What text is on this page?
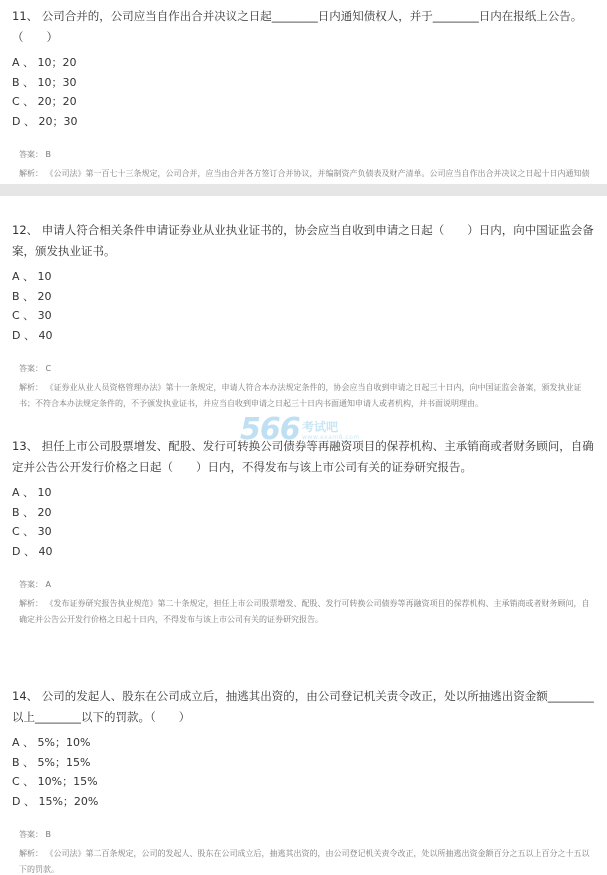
11、 公司合并的，公司应当自作出合并决议之日起________日内通知债权人，并于________日内在报纸上公告。（　　）
A 、 10；20
B 、 10；30
C 、 20；20
D 、 20；30
答案： B
解析： 《公司法》第一百七十三条规定，公司合并，应当由合并各方签订合并协议，并编制资产负债表及财产清单。公司应当自作出合并决议之日起十日内通知债
12、 申请人符合相关条件申请证券业从业执业证书的，协会应当自收到申请之日起（　　）日内，向中国证监会备案，颁发执业证书。
A 、 10
B 、 20
C 、 30
D 、 40
答案： C
解析： 《证券业从业人员资格管理办法》第十一条规定，申请人符合本办法规定条件的，协会应当自收到申请之日起三十日内，向中国证监会备案，颁发执业证书；不符合本办法规定条件的，不予颁发执业证书，并应当自收到申请之日起三十日内书面通知申请人或者机构，并书面说明理由。
566 考试吧
www.exam8.com
13、 担任上市公司股票增发、配股、发行可转换公司债券等再融资项目的保荐机构、主承销商或者财务顾问，自确定并公告公开发行价格之日起（　　）日内，不得发布与该上市公司有关的证券研究报告。
A 、 10
B 、 20
C 、 30
D 、 40
答案： A
解析： 《发布证券研究报告执业规范》第二十条规定，担任上市公司股票增发、配股、发行可转换公司债券等再融资项目的保荐机构、主承销商或者财务顾问，自确定并公告公开发行价格之日起十日内，不得发布与该上市公司有关的证券研究报告。
14、 公司的发起人、股东在公司成立后，抽逃其出资的，由公司登记机关责令改正，处以所抽逃出资金额________以上________以下的罚款。（　　）
A 、 5%；10%
B 、 5%；15%
C 、 10%；15%
D 、 15%；20%
答案： B
解析： 《公司法》第二百条规定，公司的发起人、股东在公司成立后，抽逃其出资的，由公司登记机关责令改正，处以所抽逃出资金额百分之五以上百分之十五以下的罚款。
